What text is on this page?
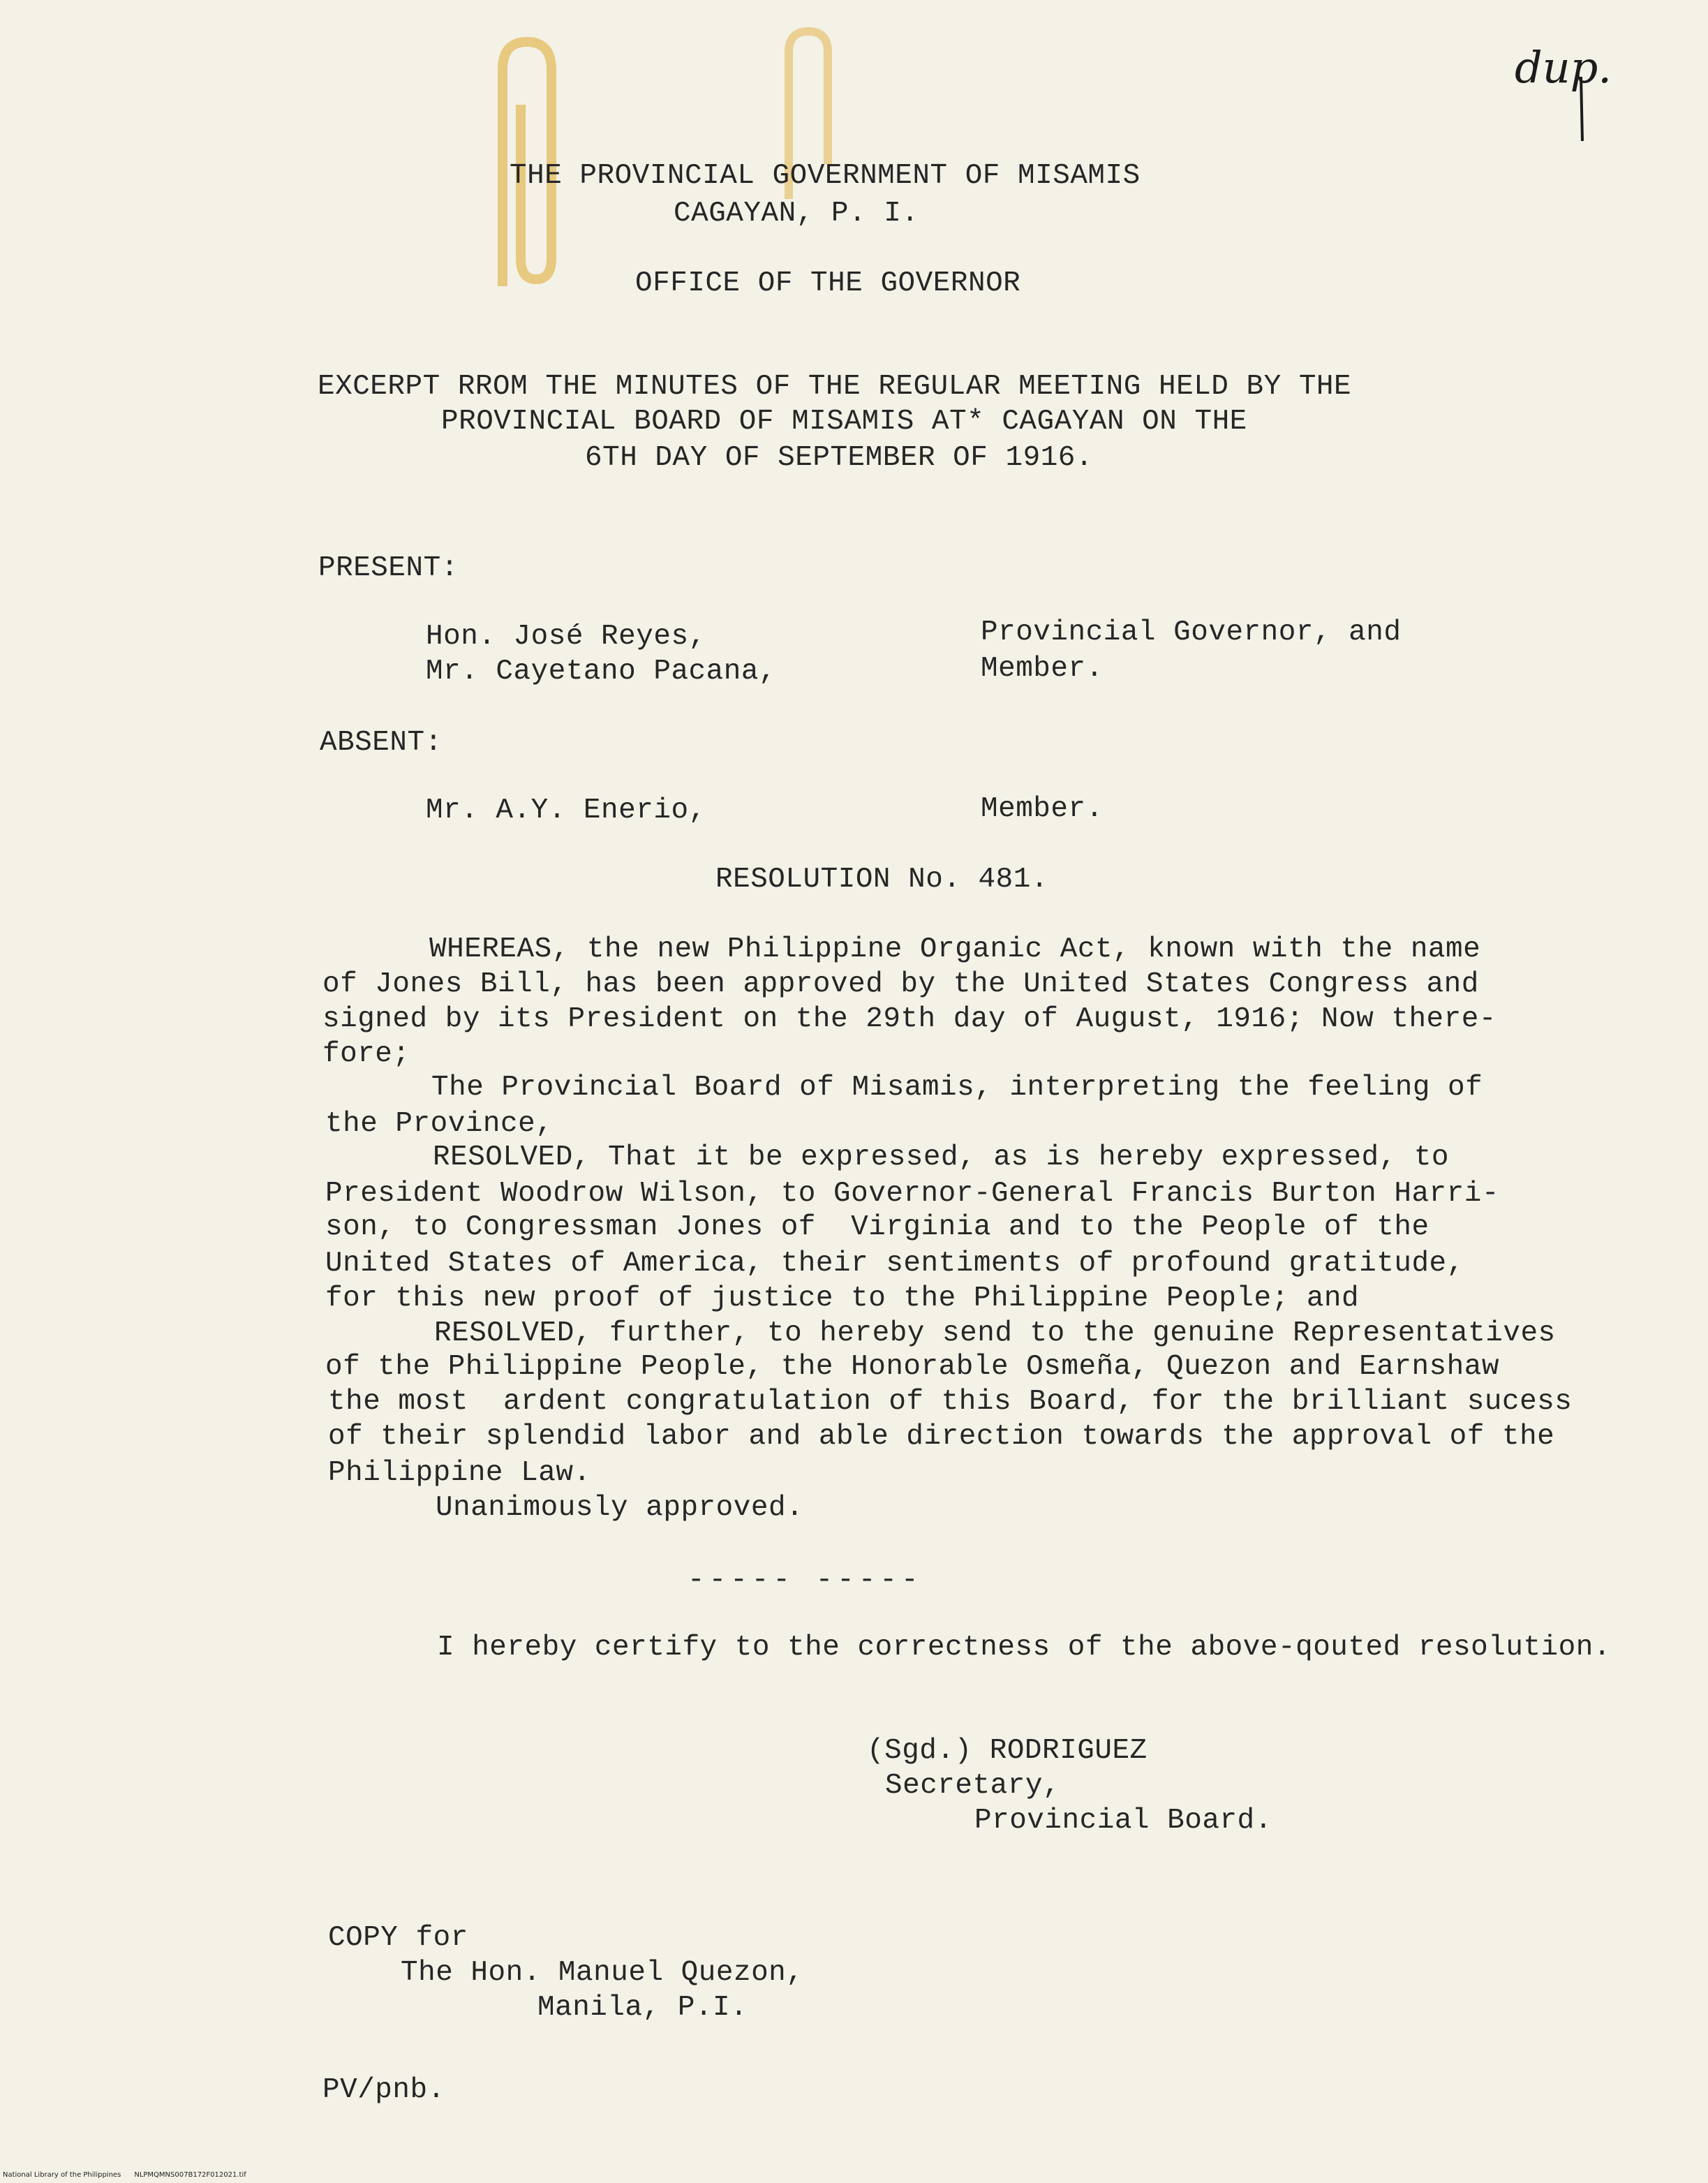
dup.
THE PROVINCIAL GOVERNMENT OF MISAMIS
CAGAYAN, P. I.
OFFICE OF THE GOVERNOR
EXCERPT RROM THE MINUTES OF THE REGULAR MEETING HELD BY THE
PROVINCIAL BOARD OF MISAMIS AT* CAGAYAN ON THE
6TH DAY OF SEPTEMBER OF 1916.
PRESENT:
Hon. José Reyes,	Provincial Governor, and
Mr. Cayetano Pacana,	Member.
ABSENT:
Mr. A.Y. Enerio,	Member.
RESOLUTION No. 481.
WHEREAS, the new Philippine Organic Act, known with the name
of Jones Bill, has been approved by the United States Congress and
signed by its President on the 29th day of August, 1916; Now there-
fore;
The Provincial Board of Misamis, interpreting the feeling of
the Province,
RESOLVED, That it be expressed, as is hereby expressed, to
President Woodrow Wilson, to Governor-General Francis Burton Harri-
son, to Congressman Jones of  Virginia and to the People of the
United States of America, their sentiments of profound gratitude,
for this new proof of justice to the Philippine People; and
RESOLVED, further, to hereby send to the genuine Representatives
of the Philippine People, the Honorable Osmeña, Quezon and Earnshaw
the most  ardent congratulation of this Board, for the brilliant sucess
of their splendid labor and able direction towards the approval of the
Philippine Law.
Unanimously approved.
----- -----
I hereby certify to the correctness of the above-qouted resolution.
(Sgd.) RODRIGUEZ
Secretary,
Provincial Board.
COPY for
The Hon. Manuel Quezon,
Manila, P.I.
PV/pnb.
National Library of the Philippines      NLPMQMNS007B172F012021.tif
